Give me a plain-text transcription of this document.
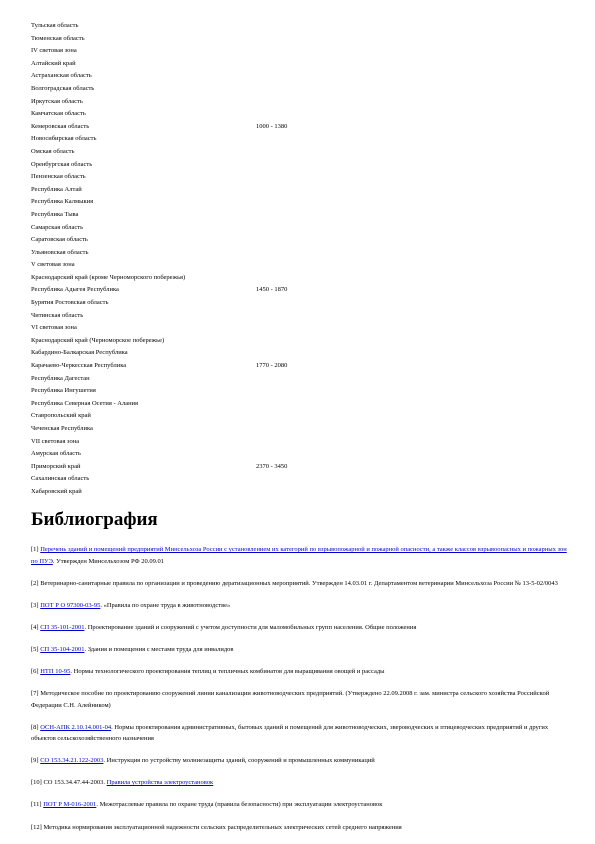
Тульская область
Тюменская область
IV световая зона
Алтайский край
Астраханская область
Волгоградская область
Иркутская область
Камчатская область
Кемеровская область	1000 - 1380
Новосибирская область
Омская область
Оренбургская область
Пензенская область
Республика Алтай
Республика Калмыкия
Республика Тыва
Самарская область
Саратовская область
Ульяновская область
V световая зона
Краснодарский край (кроме Черноморского побережья)
Республика Адыгея Республика	1450 - 1870
Бурятия Ростовская область
Читинская область
VI световая зона
Краснодарский край (Черноморское побережье)
Кабардино-Балкарская Республика
Карачаево-Черкесская Республика	1770 - 2080
Республика Дагестан
Республика Ингушетия
Республика Северная Осетия - Алания
Ставропольский край
Чеченская Республика
VII световая зона
Амурская область
Приморский край	2370 - 3450
Сахалинская область
Хабаровский край
Библиография

[1] Перечень зданий и помещений предприятий Минсельхоза России с установлением их категорий по взрывопожарной и пожарной опасности, а также классов взрывоопасных и пожарных зон по ПУЭ. Утвержден Минсельхозом РФ 20.09.01

[2] Ветеринарно-санитарные правила по организации и проведению дератизационных мероприятий. Утвержден 14.03.01 г. Департаментом ветеринарии Минсельхоза России № 13-5-02/0043

[3] ПОТ Р О 97300-03-95. «Правила по охране труда в животноводстве»

[4] СП 35-101-2001. Проектирование зданий и сооружений с учетом доступности для маломобильных групп населения. Общие положения

[5] СП 35-104-2001. Здания и помещения с местами труда для инвалидов

[6] НТП 10-95. Нормы технологического проектирования теплиц и тепличных комбинатов для выращивания овощей и рассады

[7] Методическое пособие по проектированию сооружений линии канализации животноводческих предприятий. (Утверждено 22.09.2008 г. зам. министра сельского хозяйства Российской Федерации С.Н. Алейником)

[8] ОСН-АПК 2.10.14.001-04. Нормы проектирования административных, бытовых зданий и помещений для животноводческих, звероводческих и птицеводческих предприятий и других объектов сельскохозяйственного назначения

[9] СО 153.34.21.122-2003. Инструкция по устройству молниезащиты зданий, сооружений и промышленных коммуникаций

[10] СО 153.34.47.44-2003. Правила устройства электроустановок

[11] ПОТ Р М-016-2001. Межотраслевые правила по охране труда (правила безопасности) при эксплуатации электроустановок

[12] Методика нормирования эксплуатационной надежности сельских распределительных электрических сетей среднего напряжения
